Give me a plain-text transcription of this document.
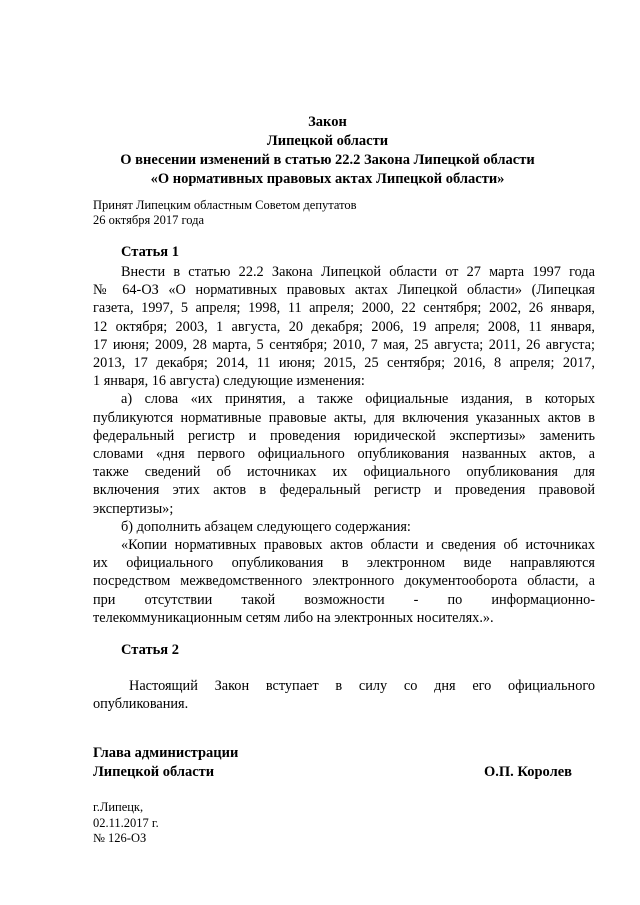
Закон
Липецкой области
О внесении изменений в статью 22.2 Закона Липецкой области
«О нормативных правовых актах Липецкой области»
Принят Липецким областным Советом депутатов
26 октября 2017 года
Статья 1
Внести в статью 22.2 Закона Липецкой области от 27 марта 1997 года
№ 64-ОЗ «О нормативных правовых актах Липецкой области» (Липецкая
газета, 1997, 5 апреля; 1998, 11 апреля; 2000, 22 сентября; 2002, 26 января,
12 октября; 2003, 1 августа, 20 декабря; 2006, 19 апреля; 2008, 11 января,
17 июня; 2009, 28 марта, 5 сентября; 2010, 7 мая, 25 августа; 2011, 26 августа;
2013, 17 декабря; 2014, 11 июня; 2015, 25 сентября; 2016, 8 апреля; 2017,
1 января, 16 августа) следующие изменения:
а) слова «их принятия, а также официальные издания, в которых
публикуются нормативные правовые акты, для включения указанных актов в
федеральный регистр и проведения юридической экспертизы» заменить
словами «дня первого официального опубликования названных актов, а
также сведений об источниках их официального опубликования для
включения этих актов в федеральный регистр и проведения правовой
экспертизы»;
б) дополнить абзацем следующего содержания:
«Копии нормативных правовых актов области и сведения об источниках
их официального опубликования в электронном виде направляются
посредством межведомственного электронного документооборота области, а
при отсутствии такой возможности - по информационно-
телекоммуникационным сетям либо на электронных носителях.».
Статья 2
Настоящий Закон вступает в силу со дня его официального
опубликования.
Глава администрации
Липецкой области	О.П. Королев
г.Липецк,
02.11.2017 г.
№ 126-ОЗ
